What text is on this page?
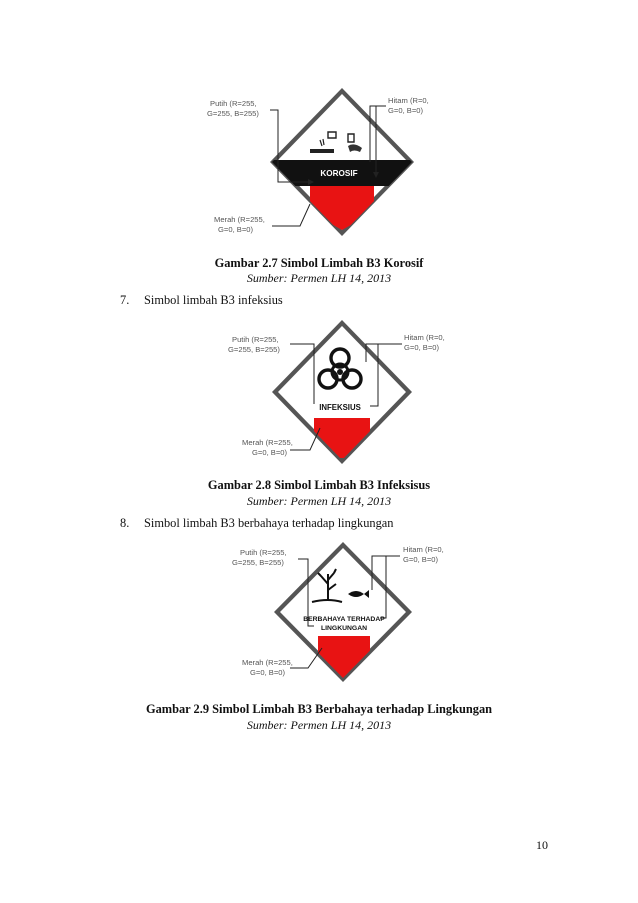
KOROSIF
Putih (R=255,
G=255, B=255)
Hitam (R=0,
G=0, B=0)
Merah (R=255,
G=0, B=0)
Gambar 2.7 Simbol Limbah B3 Korosif
Sumber: Permen LH 14, 2013
7. Simbol limbah B3 infeksius
INFEKSIUS
Putih (R=255,
G=255, B=255)
Hitam (R=0,
G=0, B=0)
Merah (R=255,
G=0, B=0)
Gambar 2.8 Simbol Limbah B3 Infeksisus
Sumber: Permen LH 14, 2013
8. Simbol limbah B3 berbahaya terhadap lingkungan
BERBAHAYA TERHADAP
LINGKUNGAN
Putih (R=255,
G=255, B=255)
Hitam (R=0,
G=0, B=0)
Merah (R=255,
G=0, B=0)
Gambar 2.9 Simbol Limbah B3 Berbahaya terhadap Lingkungan
Sumber: Permen LH 14, 2013
10
